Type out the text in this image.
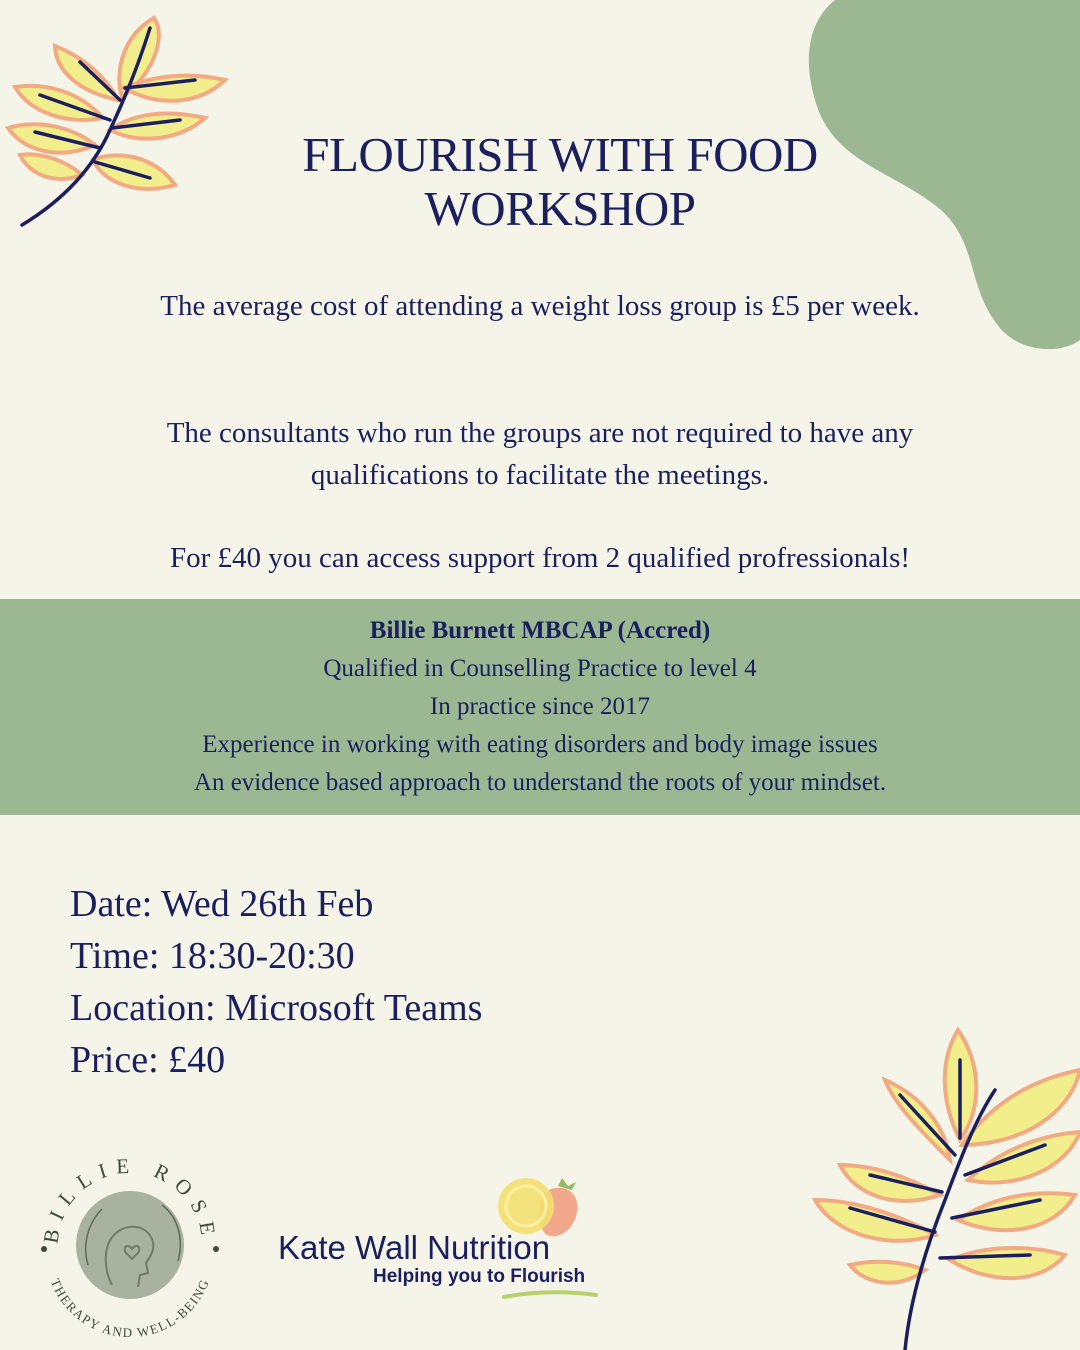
FLOURISH WITH FOOD
WORKSHOP
The average cost of attending a weight loss group is £5 per week.
The consultants who run the groups are not required to have any qualifications to facilitate the meetings.
For £40 you can access support from 2 qualified profressionals!
Billie Burnett MBCAP (Accred)
Qualified in Counselling Practice to level 4
In practice since 2017
Experience in working with eating disorders and body image issues
An evidence based approach to understand the roots of your mindset.
Date: Wed 26th Feb
Time: 18:30-20:30
Location: Microsoft Teams
Price: £40
BILLIE ROSE
THERAPY AND WELL-BEING
Kate Wall Nutrition
Helping you to Flourish
